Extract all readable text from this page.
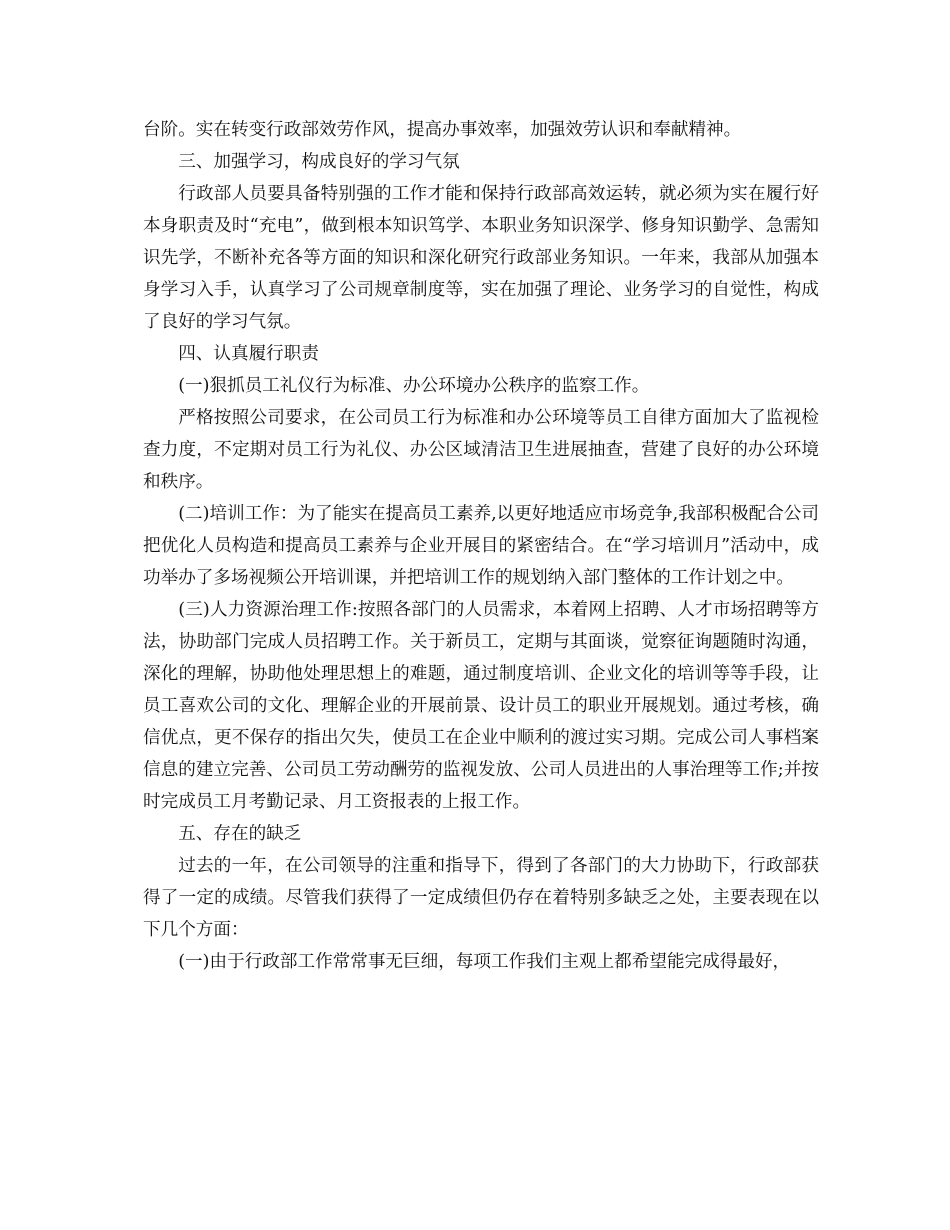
台阶。实在转变行政部效劳作风，提高办事效率，加强效劳认识和奉献精神。

三、加强学习，构成良好的学习气氛

行政部人员要具备特别强的工作才能和保持行政部高效运转，就必须为实在履行好本身职责及时“充电”，做到根本知识笃学、本职业务知识深学、修身知识勤学、急需知识先学，不断补充各等方面的知识和深化研究行政部业务知识。一年来，我部从加强本身学习入手，认真学习了公司规章制度等，实在加强了理论、业务学习的自觉性，构成了良好的学习气氛。

四、认真履行职责

(一)狠抓员工礼仪行为标准、办公环境办公秩序的监察工作。

严格按照公司要求，在公司员工行为标准和办公环境等员工自律方面加大了监视检查力度，不定期对员工行为礼仪、办公区域清洁卫生进展抽查，营建了良好的办公环境和秩序。

(二)培训工作：为了能实在提高员工素养,以更好地适应市场竞争,我部积极配合公司把优化人员构造和提高员工素养与企业开展目的紧密结合。在“学习培训月”活动中，成功举办了多场视频公开培训课，并把培训工作的规划纳入部门整体的工作计划之中。

(三)人力资源治理工作:按照各部门的人员需求，本着网上招聘、人才市场招聘等方法，协助部门完成人员招聘工作。关于新员工，定期与其面谈，觉察征询题随时沟通，深化的理解，协助他处理思想上的难题，通过制度培训、企业文化的培训等等手段，让员工喜欢公司的文化、理解企业的开展前景、设计员工的职业开展规划。通过考核，确信优点，更不保存的指出欠失，使员工在企业中顺利的渡过实习期。完成公司人事档案信息的建立完善、公司员工劳动酬劳的监视发放、公司人员进出的人事治理等工作;并按时完成员工月考勤记录、月工资报表的上报工作。

五、存在的缺乏

过去的一年，在公司领导的注重和指导下，得到了各部门的大力协助下，行政部获得了一定的成绩。尽管我们获得了一定成绩但仍存在着特别多缺乏之处，主要表现在以下几个方面：

(一)由于行政部工作常常事无巨细，每项工作我们主观上都希望能完成得最好，
